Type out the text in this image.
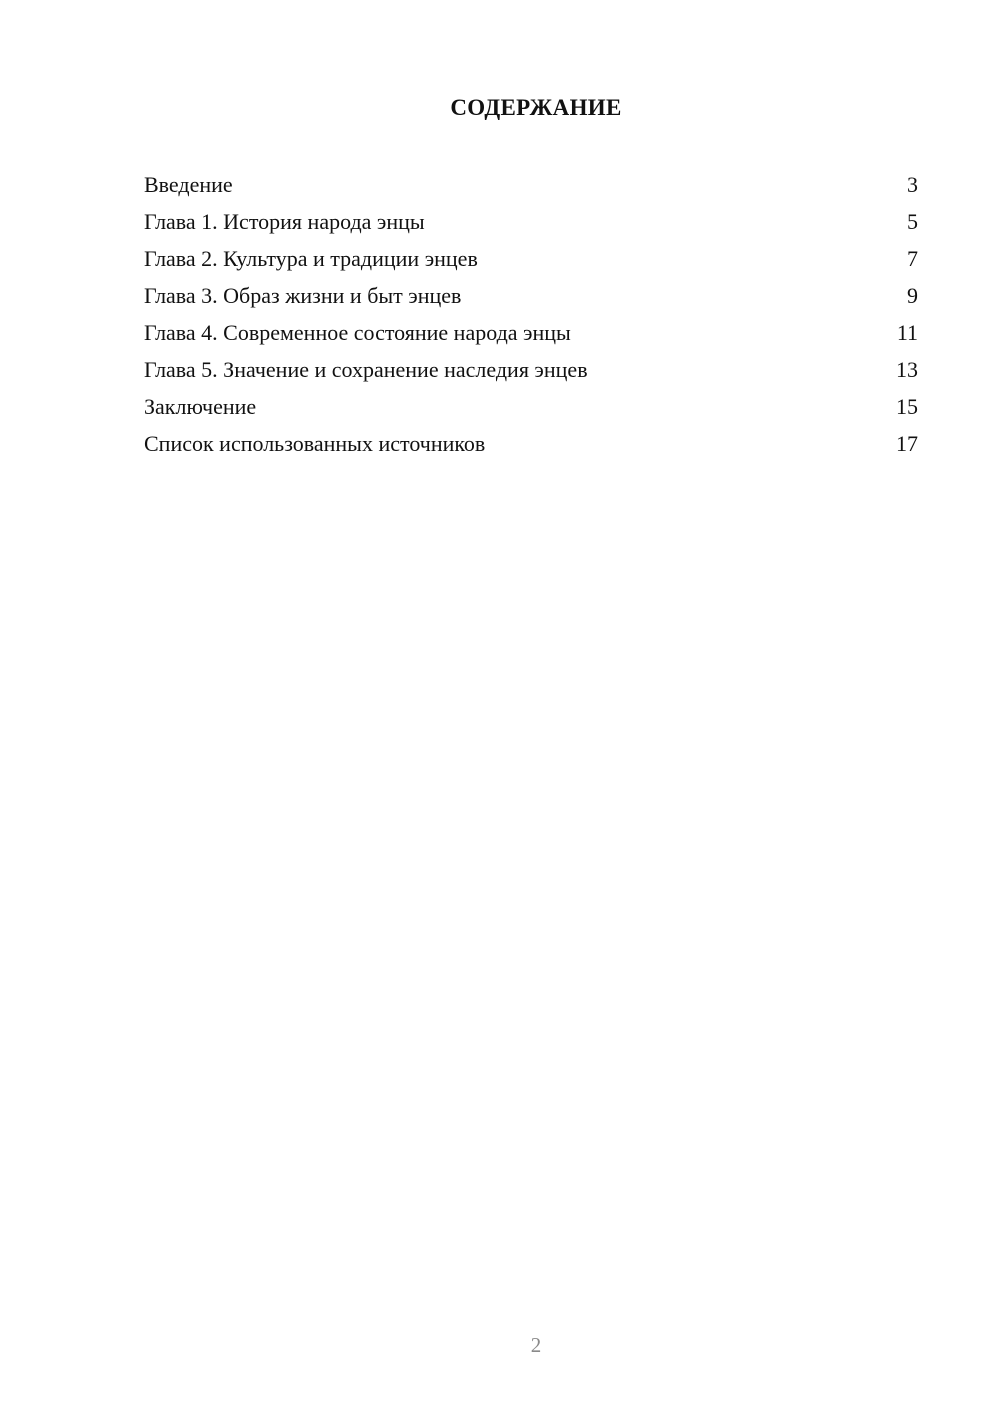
СОДЕРЖАНИЕ
Введение	3
Глава 1. История народа энцы	5
Глава 2. Культура и традиции энцев	7
Глава 3. Образ жизни и быт энцев	9
Глава 4. Современное состояние народа энцы	11
Глава 5. Значение и сохранение наследия энцев	13
Заключение	15
Список использованных источников	17
2
